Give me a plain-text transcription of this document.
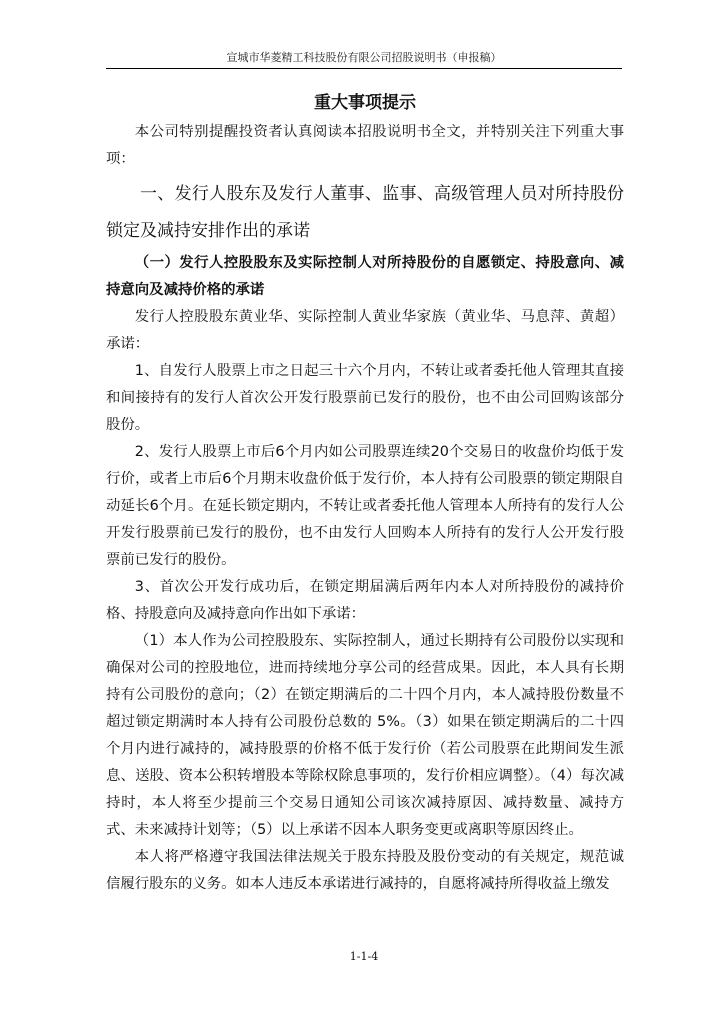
宣城市华菱精工科技股份有限公司招股说明书（申报稿）

重大事项提示

本公司特别提醒投资者认真阅读本招股说明书全文，并特别关注下列重大事项：

一、发行人股东及发行人董事、监事、高级管理人员对所持股份锁定及减持安排作出的承诺

（一）发行人控股股东及实际控制人对所持股份的自愿锁定、持股意向、减持意向及减持价格的承诺

发行人控股股东黄业华、实际控制人黄业华家族（黄业华、马息萍、黄超）承诺：

1、自发行人股票上市之日起三十六个月内，不转让或者委托他人管理其直接和间接持有的发行人首次公开发行股票前已发行的股份，也不由公司回购该部分股份。

2、发行人股票上市后6个月内如公司股票连续20个交易日的收盘价均低于发行价，或者上市后6个月期末收盘价低于发行价，本人持有公司股票的锁定期限自动延长6个月。在延长锁定期内，不转让或者委托他人管理本人所持有的发行人公开发行股票前已发行的股份，也不由发行人回购本人所持有的发行人公开发行股票前已发行的股份。

3、首次公开发行成功后，在锁定期届满后两年内本人对所持股份的减持价格、持股意向及减持意向作出如下承诺：

（1）本人作为公司控股股东、实际控制人，通过长期持有公司股份以实现和确保对公司的控股地位，进而持续地分享公司的经营成果。因此，本人具有长期持有公司股份的意向；（2）在锁定期满后的二十四个月内，本人减持股份数量不超过锁定期满时本人持有公司股份总数的 5%。（3）如果在锁定期满后的二十四个月内进行减持的，减持股票的价格不低于发行价（若公司股票在此期间发生派息、送股、资本公积转增股本等除权除息事项的，发行价相应调整）。（4）每次减持时，本人将至少提前三个交易日通知公司该次减持原因、减持数量、减持方式、未来减持计划等；（5）以上承诺不因本人职务变更或离职等原因终止。

本人将严格遵守我国法律法规关于股东持股及股份变动的有关规定，规范诚信履行股东的义务。如本人违反本承诺进行减持的，自愿将减持所得收益上缴发

1-1-4
